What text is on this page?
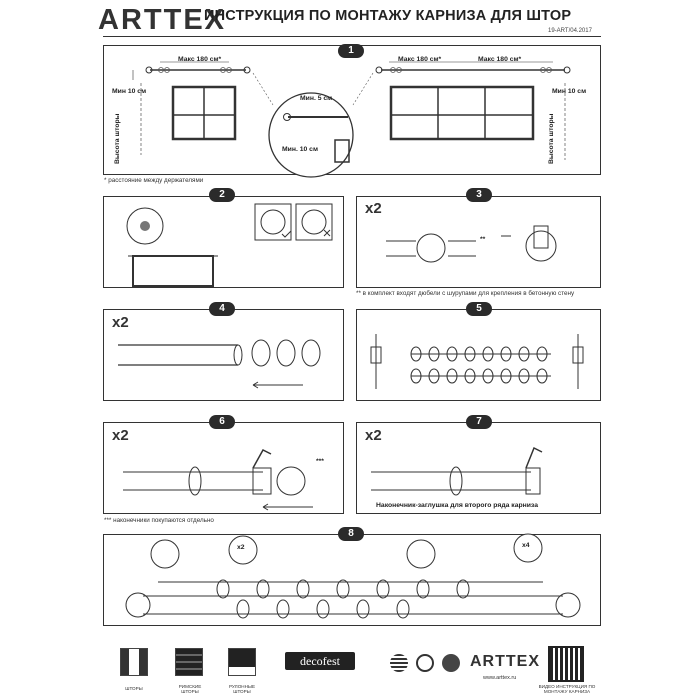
ARTTEX
ИНСТРУКЦИЯ ПО МОНТАЖУ КАРНИЗА ДЛЯ ШТОР
19-ART/04.2017
1
Макс 180 см*	Макс 180 см*	Макс 180 см*
Мин 10 см	Мин 10 см
Высота шторы	Высота шторы
Мин. 5 см
Мин. 10 см
* расстояние между держателями
2	3
x2
**
** в комплект входят дюбели с шурупами для крепления в бетонную стену
4
x2
5
6
x2
***
*** наконечники покупаются отдельно
7
x2
Наконечник-заглушка для второго ряда карниза
8
x2	x4
ШТОРЫ	РИМСКИЕ ШТОРЫ
РУЛОННЫЕ ШТОРЫ
decofest	ARTTEX
www.arttex.ru
ВИДЕО ИНСТРУКЦИЯ ПО МОНТАЖУ КАРНИЗА
